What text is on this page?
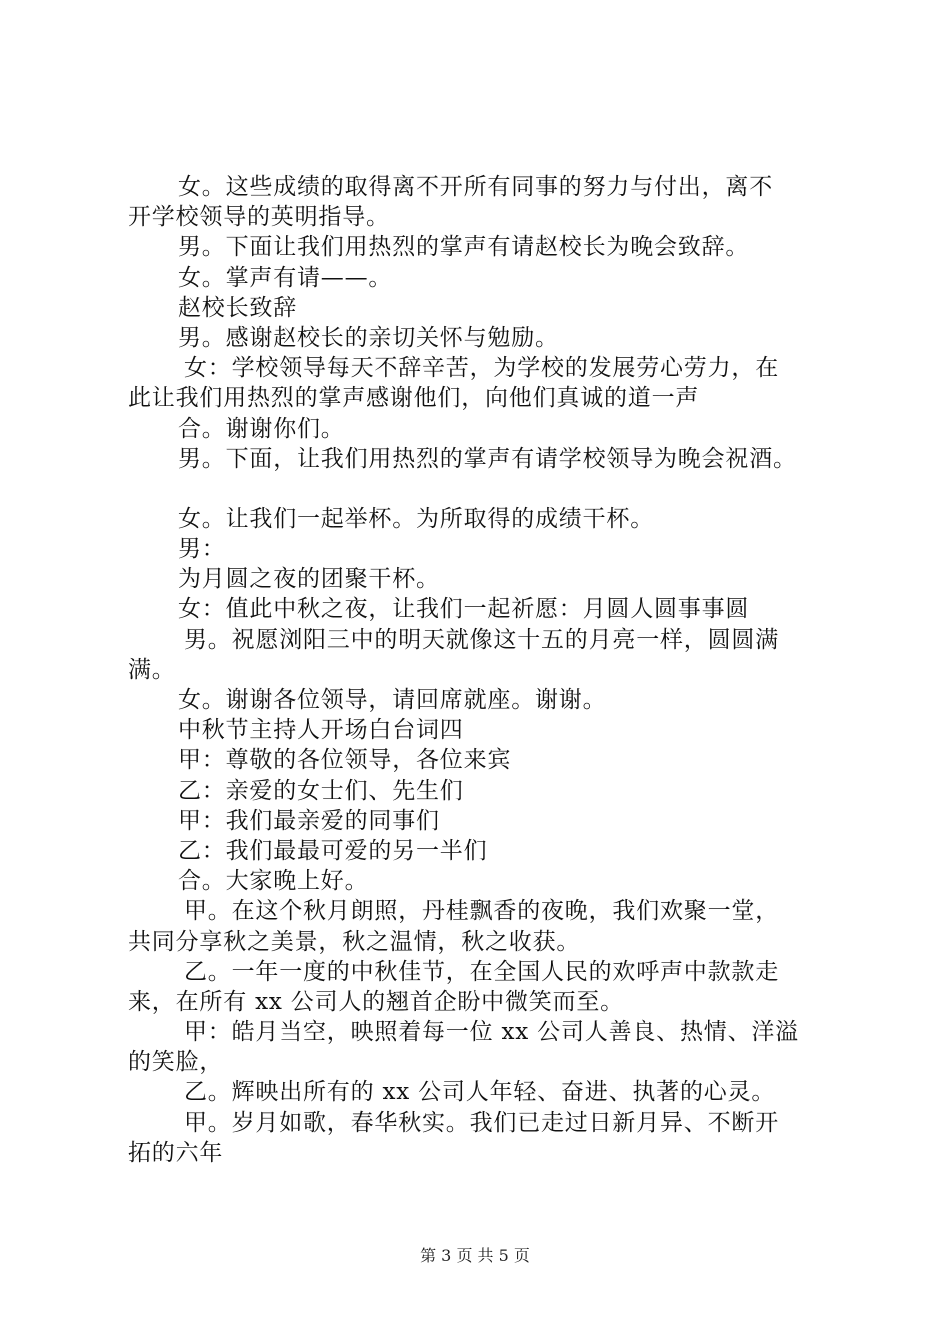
女。这些成绩的取得离不开所有同事的努力与付出，离不
开学校领导的英明指导。
男。下面让我们用热烈的掌声有请赵校长为晚会致辞。
女。掌声有请——。
赵校长致辞
男。感谢赵校长的亲切关怀与勉励。
女：学校领导每天不辞辛苦，为学校的发展劳心劳力，在
此让我们用热烈的掌声感谢他们，向他们真诚的道一声
合。谢谢你们。
男。下面，让我们用热烈的掌声有请学校领导为晚会祝酒。
女。让我们一起举杯。为所取得的成绩干杯。
男：
为月圆之夜的团聚干杯。
女：值此中秋之夜，让我们一起祈愿：月圆人圆事事圆
男。祝愿浏阳三中的明天就像这十五的月亮一样，圆圆满
满。
女。谢谢各位领导，请回席就座。谢谢。
中秋节主持人开场白台词四
甲：尊敬的各位领导，各位来宾
乙：亲爱的女士们、先生们
甲：我们最亲爱的同事们
乙：我们最最可爱的另一半们
合。大家晚上好。
甲。在这个秋月朗照，丹桂飘香的夜晚，我们欢聚一堂，
共同分享秋之美景，秋之温情，秋之收获。
乙。一年一度的中秋佳节，在全国人民的欢呼声中款款走
来，在所有 xx 公司人的翘首企盼中微笑而至。
甲：皓月当空，映照着每一位 xx 公司人善良、热情、洋溢
的笑脸，
乙。辉映出所有的 xx 公司人年轻、奋进、执著的心灵。
甲。岁月如歌，春华秋实。我们已走过日新月异、不断开
拓的六年
第 3 页 共 5 页
